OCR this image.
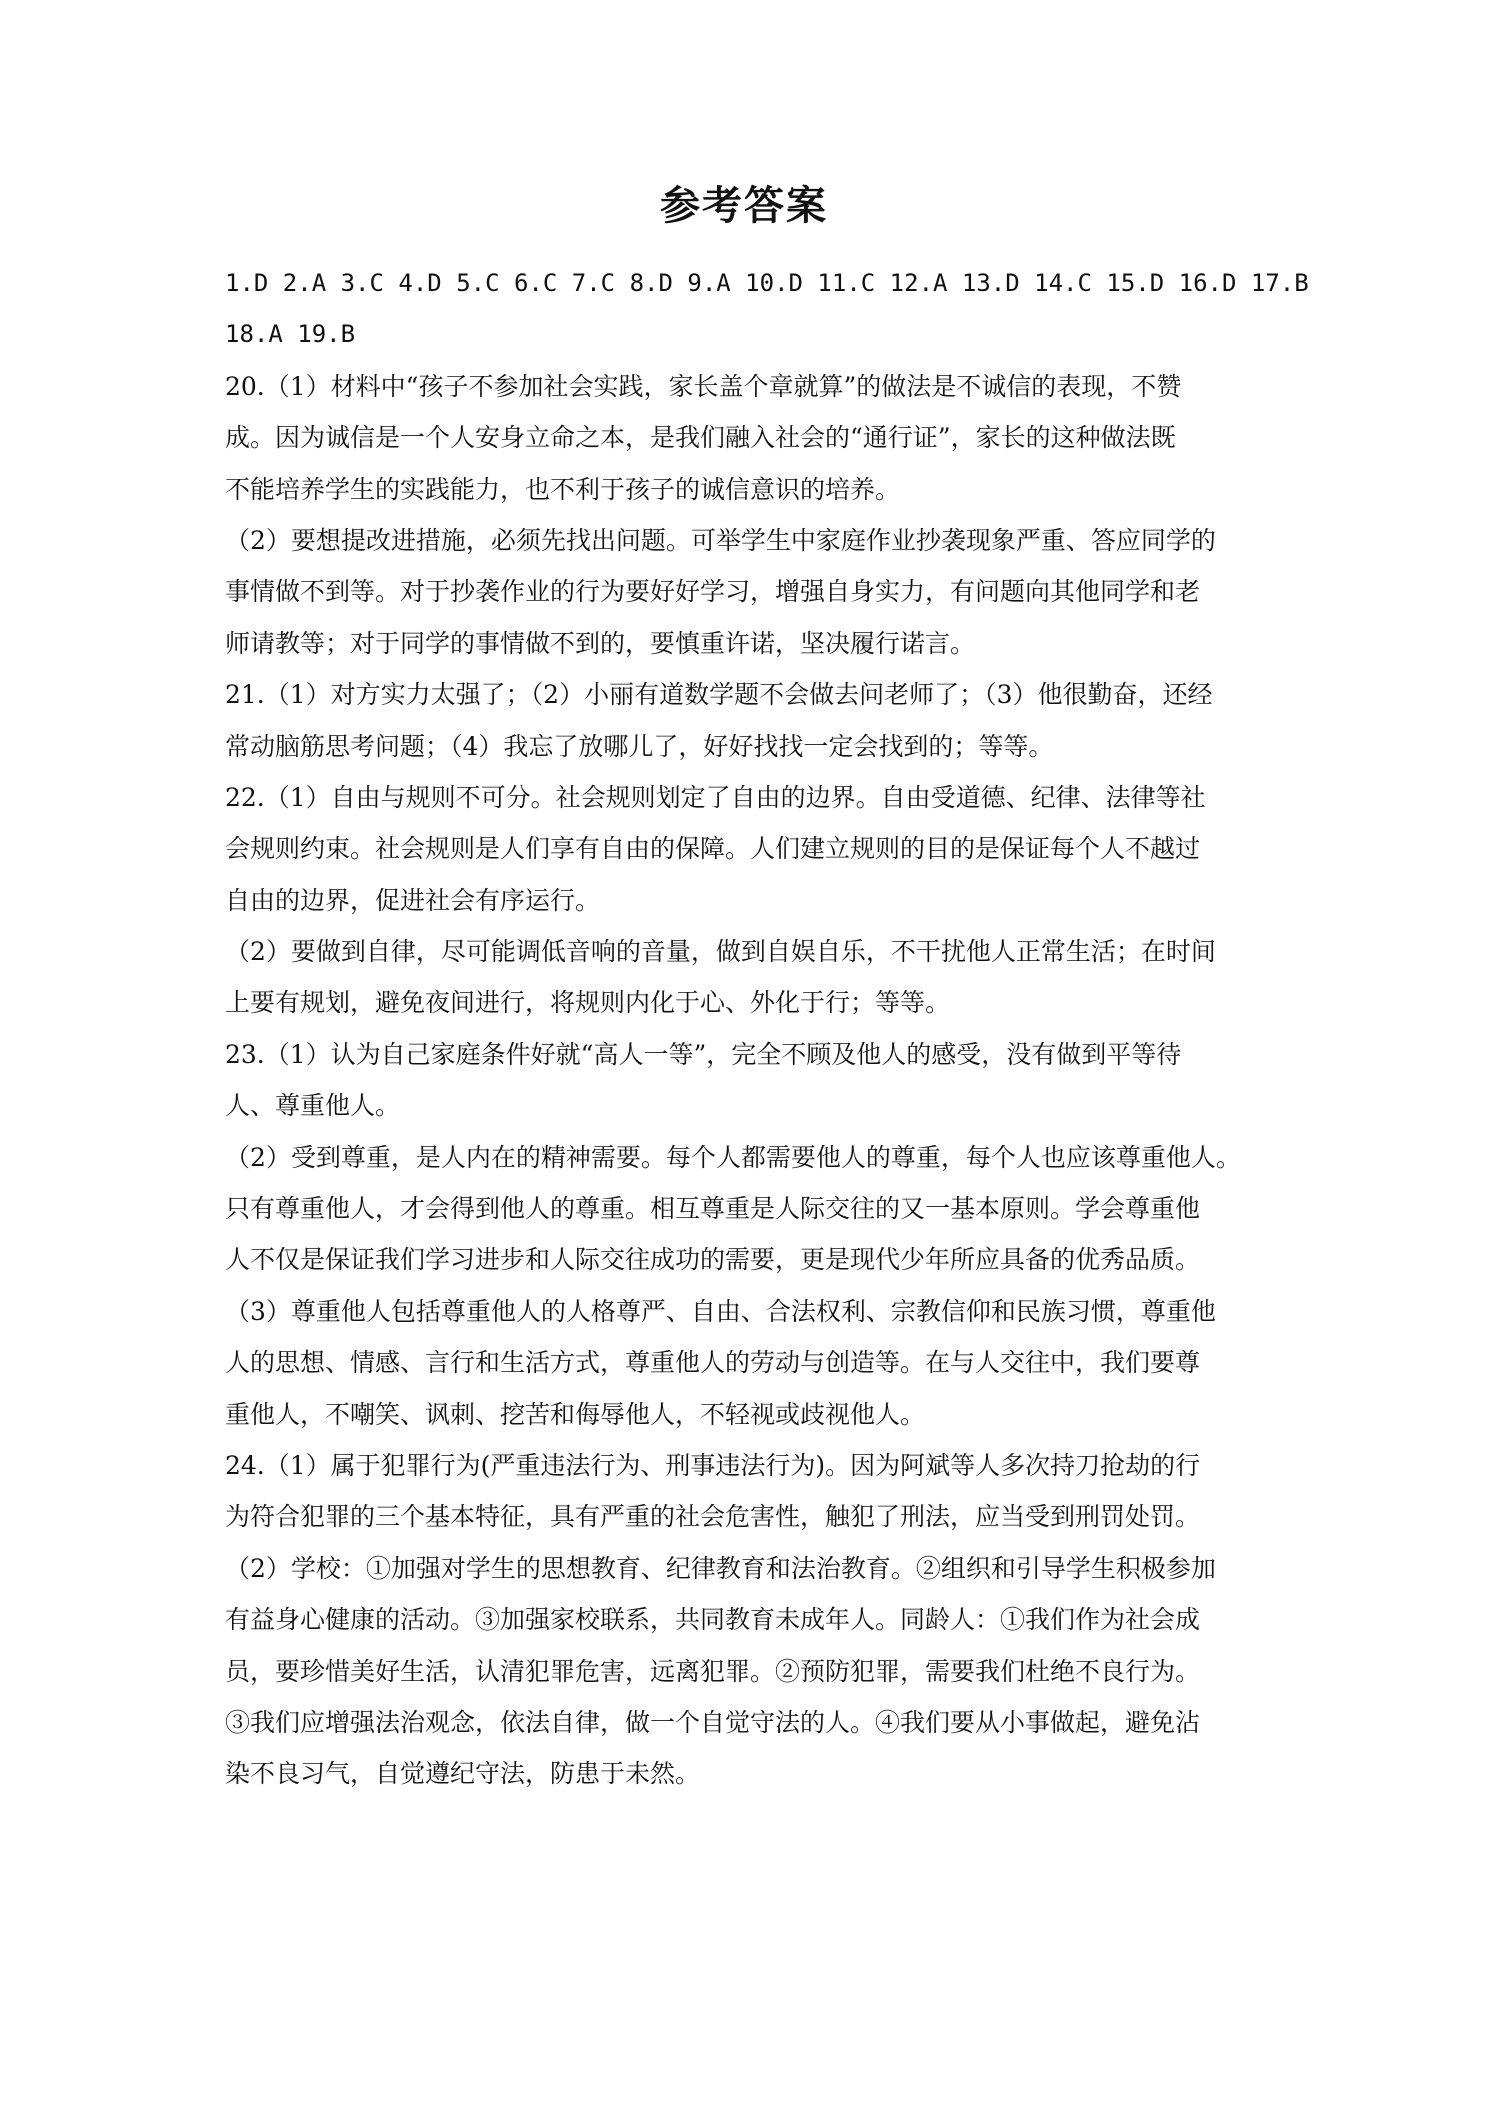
参考答案
1.D 2.A 3.C 4.D 5.C 6.C 7.C 8.D 9.A 10.D 11.C 12.A 13.D 14.C 15.D 16.D 17.B
18.A 19.B
20.（1）材料中“孩子不参加社会实践，家长盖个章就算”的做法是不诚信的表现，不赞
成。因为诚信是一个人安身立命之本，是我们融入社会的“通行证”，家长的这种做法既
不能培养学生的实践能力，也不利于孩子的诚信意识的培养。
（2）要想提改进措施，必须先找出问题。可举学生中家庭作业抄袭现象严重、答应同学的
事情做不到等。对于抄袭作业的行为要好好学习，增强自身实力，有问题向其他同学和老
师请教等；对于同学的事情做不到的，要慎重许诺，坚决履行诺言。
21.（1）对方实力太强了；（2）小丽有道数学题不会做去问老师了；（3）他很勤奋，还经
常动脑筋思考问题；（4）我忘了放哪儿了，好好找找一定会找到的；等等。
22.（1）自由与规则不可分。社会规则划定了自由的边界。自由受道德、纪律、法律等社
会规则约束。社会规则是人们享有自由的保障。人们建立规则的目的是保证每个人不越过
自由的边界，促进社会有序运行。
（2）要做到自律，尽可能调低音响的音量，做到自娱自乐，不干扰他人正常生活；在时间
上要有规划，避免夜间进行，将规则内化于心、外化于行；等等。
23.（1）认为自己家庭条件好就“高人一等”，完全不顾及他人的感受，没有做到平等待
人、尊重他人。
（2）受到尊重，是人内在的精神需要。每个人都需要他人的尊重，每个人也应该尊重他人。
只有尊重他人，才会得到他人的尊重。相互尊重是人际交往的又一基本原则。学会尊重他
人不仅是保证我们学习进步和人际交往成功的需要，更是现代少年所应具备的优秀品质。
（3）尊重他人包括尊重他人的人格尊严、自由、合法权利、宗教信仰和民族习惯，尊重他
人的思想、情感、言行和生活方式，尊重他人的劳动与创造等。在与人交往中，我们要尊
重他人，不嘲笑、讽刺、挖苦和侮辱他人，不轻视或歧视他人。
24.（1）属于犯罪行为(严重违法行为、刑事违法行为)。因为阿斌等人多次持刀抢劫的行
为符合犯罪的三个基本特征，具有严重的社会危害性，触犯了刑法，应当受到刑罚处罚。
（2）学校：①加强对学生的思想教育、纪律教育和法治教育。②组织和引导学生积极参加
有益身心健康的活动。③加强家校联系，共同教育未成年人。同龄人：①我们作为社会成
员，要珍惜美好生活，认清犯罪危害，远离犯罪。②预防犯罪，需要我们杜绝不良行为。
③我们应增强法治观念，依法自律，做一个自觉守法的人。④我们要从小事做起，避免沾
染不良习气，自觉遵纪守法，防患于未然。
